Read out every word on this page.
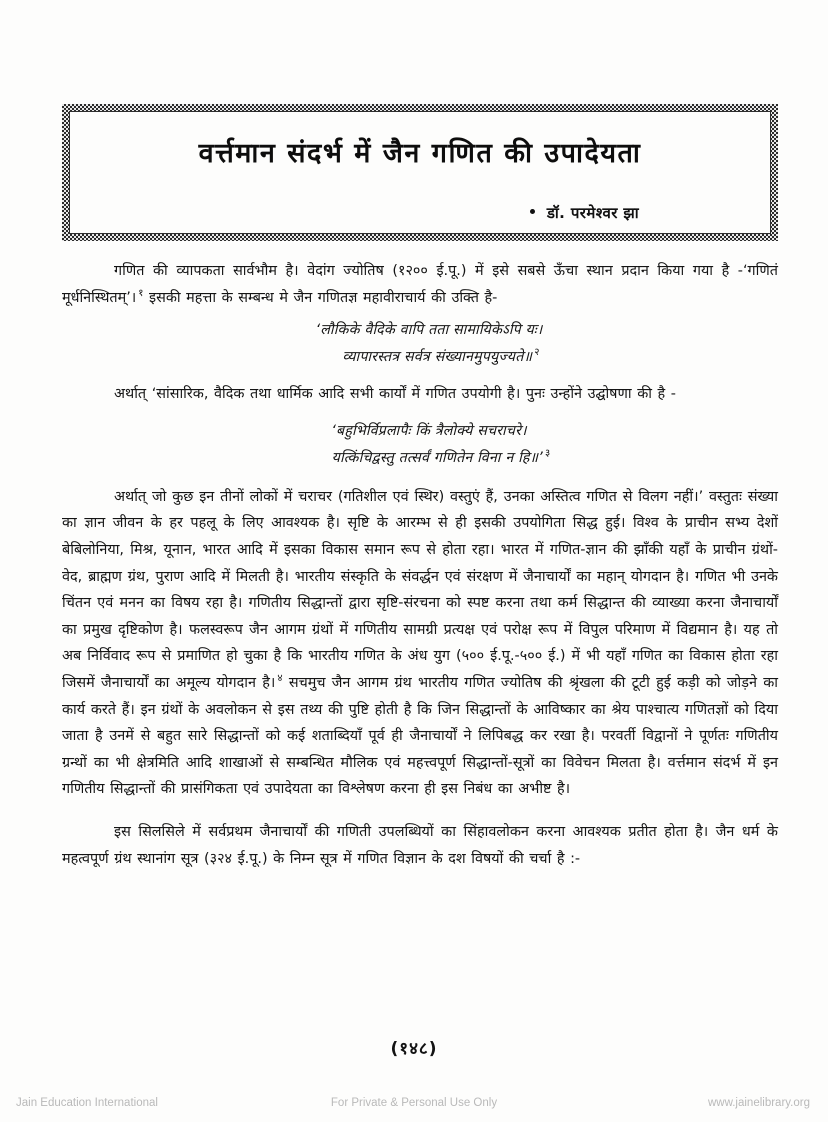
वर्त्तमान संदर्भ में जैन गणित की उपादेयता
डॉ. परमेश्वर झा

गणित की व्यापकता सार्वभौम है। वेदांग ज्योतिष (१२०० ई.पू.) में इसे सबसे ऊँचा स्थान प्रदान किया गया है -‘गणितं मूर्धनिस्थितम्’। $^१$ इसकी महत्ता के सम्बन्ध मे जैन गणितज्ञ महावीराचार्य की उक्ति है-

‘लौकिके वैदिके वापि तता सामायिकेऽपि यः।

व्यापारस्तत्र सर्वत्र संख्यानमुपयुज्यते॥ $^२$

अर्थात् ‘सांसारिक, वैदिक तथा धार्मिक आदि सभी कार्यों में गणित उपयोगी है। पुनः उन्होंने उद्घोषणा की है -

‘बहुभिर्विप्रलापैः किं त्रैलोक्ये सचराचरे।

यत्किंचिद्वस्तु तत्सर्वं गणितेन विना न हि॥’ $^३$

अर्थात् जो कुछ इन तीनों लोकों में चराचर (गतिशील एवं स्थिर) वस्तुएं हैं, उनका अस्तित्व गणित से विलग नहीं।’ वस्तुतः संख्या का ज्ञान जीवन के हर पहलू के लिए आवश्यक है। सृष्टि के आरम्भ से ही इसकी उपयोगिता सिद्ध हुई। विश्व के प्राचीन सभ्य देशों बेबिलोनिया, मिश्र, यूनान, भारत आदि में इसका विकास समान रूप से होता रहा। भारत में गणित-ज्ञान की झाँकी यहाँ के प्राचीन ग्रंथों-वेद, ब्राह्मण ग्रंथ, पुराण आदि में मिलती है। भारतीय संस्कृति के संवर्द्धन एवं संरक्षण में जैनाचार्यों का महान् योगदान है। गणित भी उनके चिंतन एवं मनन का विषय रहा है। गणितीय सिद्धान्तों द्वारा सृष्टि-संरचना को स्पष्ट करना तथा कर्म सिद्धान्त की व्याख्या करना जैनाचार्यों का प्रमुख दृष्टिकोण है। फलस्वरूप जैन आगम ग्रंथों में गणितीय सामग्री प्रत्यक्ष एवं परोक्ष रूप में विपुल परिमाण में विद्यमान है। यह तो अब निर्विवाद रूप से प्रमाणित हो चुका है कि भारतीय गणित के अंध युग (५०० ई.पू.-५०० ई.) में भी यहाँ गणित का विकास होता रहा जिसमें जैनाचार्यों का अमूल्य योगदान है। $^४$ सचमुच जैन आगम ग्रंथ भारतीय गणित ज्योतिष की श्रृंखला की टूटी हुई कड़ी को जोड़ने का कार्य करते हैं। इन ग्रंथों के अवलोकन से इस तथ्य की पुष्टि होती है कि जिन सिद्धान्तों के आविष्कार का श्रेय पाश्चात्य गणितज्ञों को दिया जाता है उनमें से बहुत सारे सिद्धान्तों को कई शताब्दियाँ पूर्व ही जैनाचार्यों ने लिपिबद्ध कर रखा है। परवर्ती विद्वानों ने पूर्णतः गणितीय ग्रन्थों का भी क्षेत्रमिति आदि शाखाओं से सम्बन्धित मौलिक एवं महत्त्वपूर्ण सिद्धान्तों-सूत्रों का विवेचन मिलता है। वर्त्तमान संदर्भ में इन गणितीय सिद्धान्तों की प्रासंगिकता एवं उपादेयता का विश्लेषण करना ही इस निबंध का अभीष्ट है।

इस सिलसिले में सर्वप्रथम जैनाचार्यों की गणिती उपलब्धियों का सिंहावलोकन करना आवश्यक प्रतीत होता है। जैन धर्म के महत्वपूर्ण ग्रंथ स्थानांग सूत्र (३२४ ई.पू.) के निम्न सूत्र में गणित विज्ञान के दश विषयों की चर्चा है :-

(१४८)
Jain Education International	For Private & Personal Use Only	www.jainelibrary.org
